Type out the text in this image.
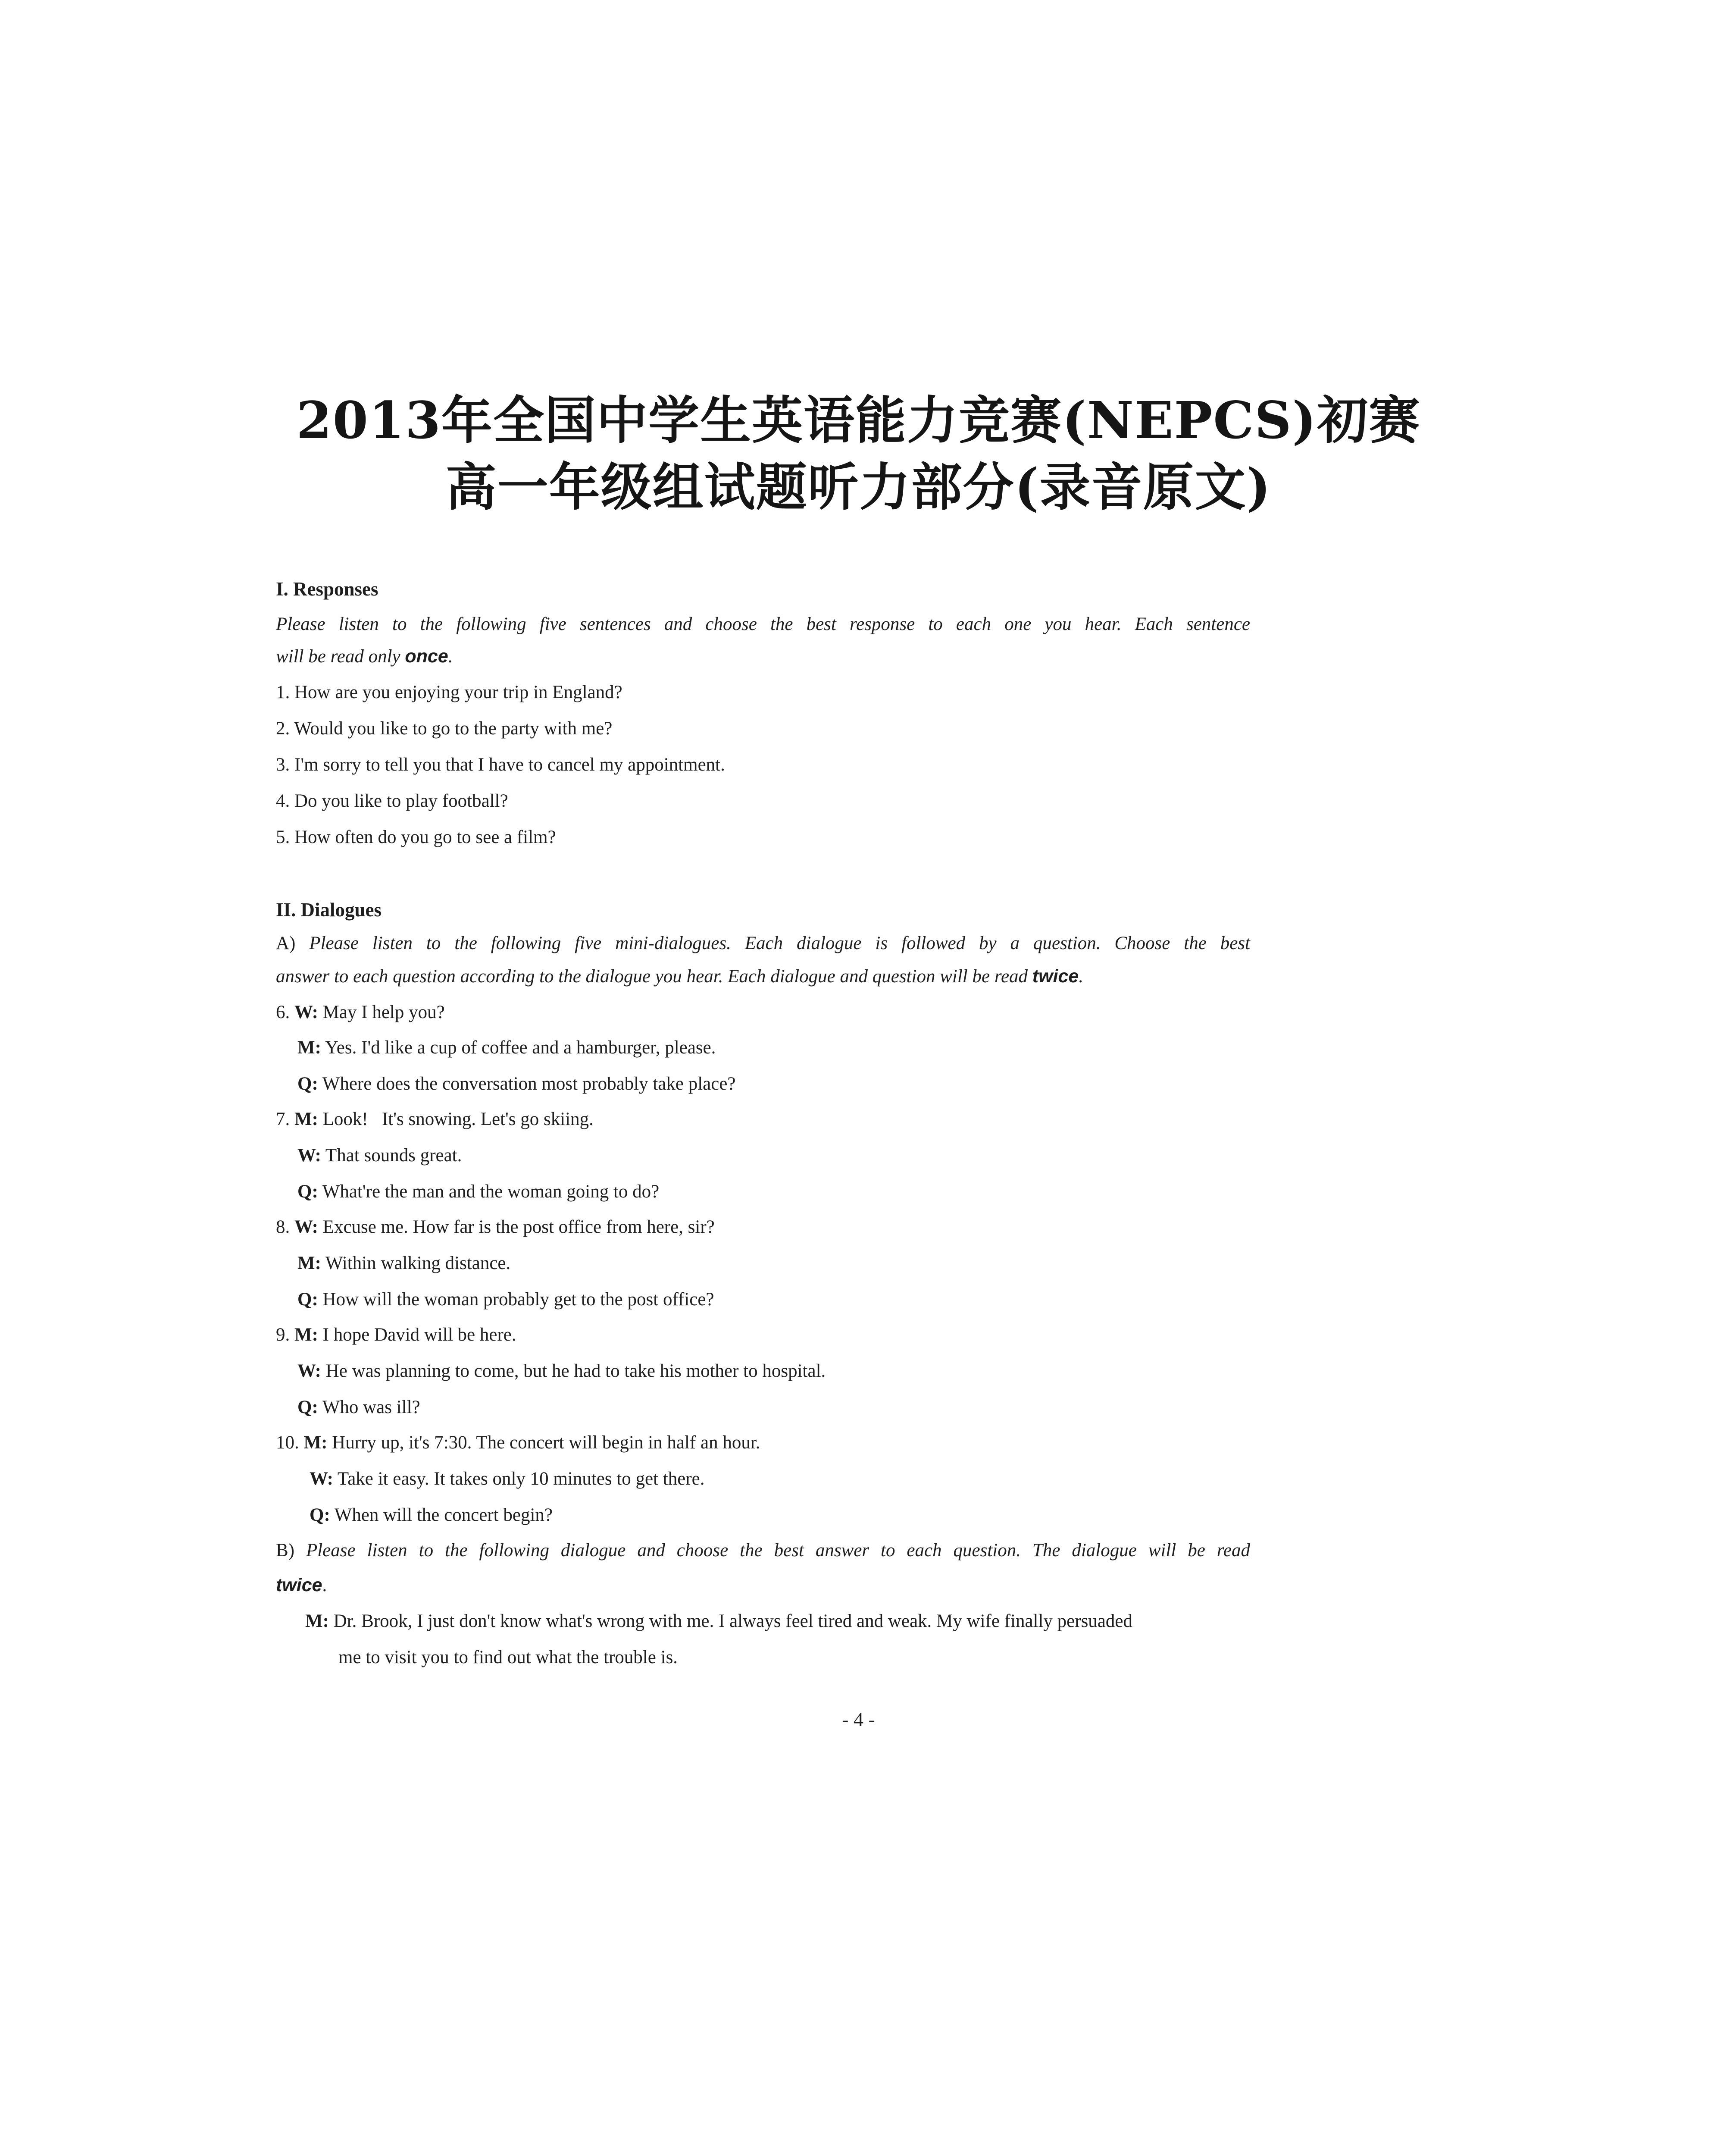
2013年全国中学生英语能力竞赛(NEPCS)初赛
高一年级组试题听力部分(录音原文)
I. Responses
Please listen to the following five sentences and choose the best response to each one you hear. Each sentence
will be read only once.
1. How are you enjoying your trip in England?
2. Would you like to go to the party with me?
3. I'm sorry to tell you that I have to cancel my appointment.
4. Do you like to play football?
5. How often do you go to see a film?
II. Dialogues
A) Please listen to the following five mini-dialogues. Each dialogue is followed by a question. Choose the best
answer to each question according to the dialogue you hear. Each dialogue and question will be read twice.
6. W: May I help you?
M: Yes. I'd like a cup of coffee and a hamburger, please.
Q: Where does the conversation most probably take place?
7. M: Look!   It's snowing. Let's go skiing.
W: That sounds great.
Q: What're the man and the woman going to do?
8. W: Excuse me. How far is the post office from here, sir?
M: Within walking distance.
Q: How will the woman probably get to the post office?
9. M: I hope David will be here.
W: He was planning to come, but he had to take his mother to hospital.
Q: Who was ill?
10. M: Hurry up, it's 7:30. The concert will begin in half an hour.
W: Take it easy. It takes only 10 minutes to get there.
Q: When will the concert begin?
B) Please listen to the following dialogue and choose the best answer to each question. The dialogue will be read
twice.
M: Dr. Brook, I just don't know what's wrong with me. I always feel tired and weak. My wife finally persuaded
me to visit you to find out what the trouble is.
- 4 -
